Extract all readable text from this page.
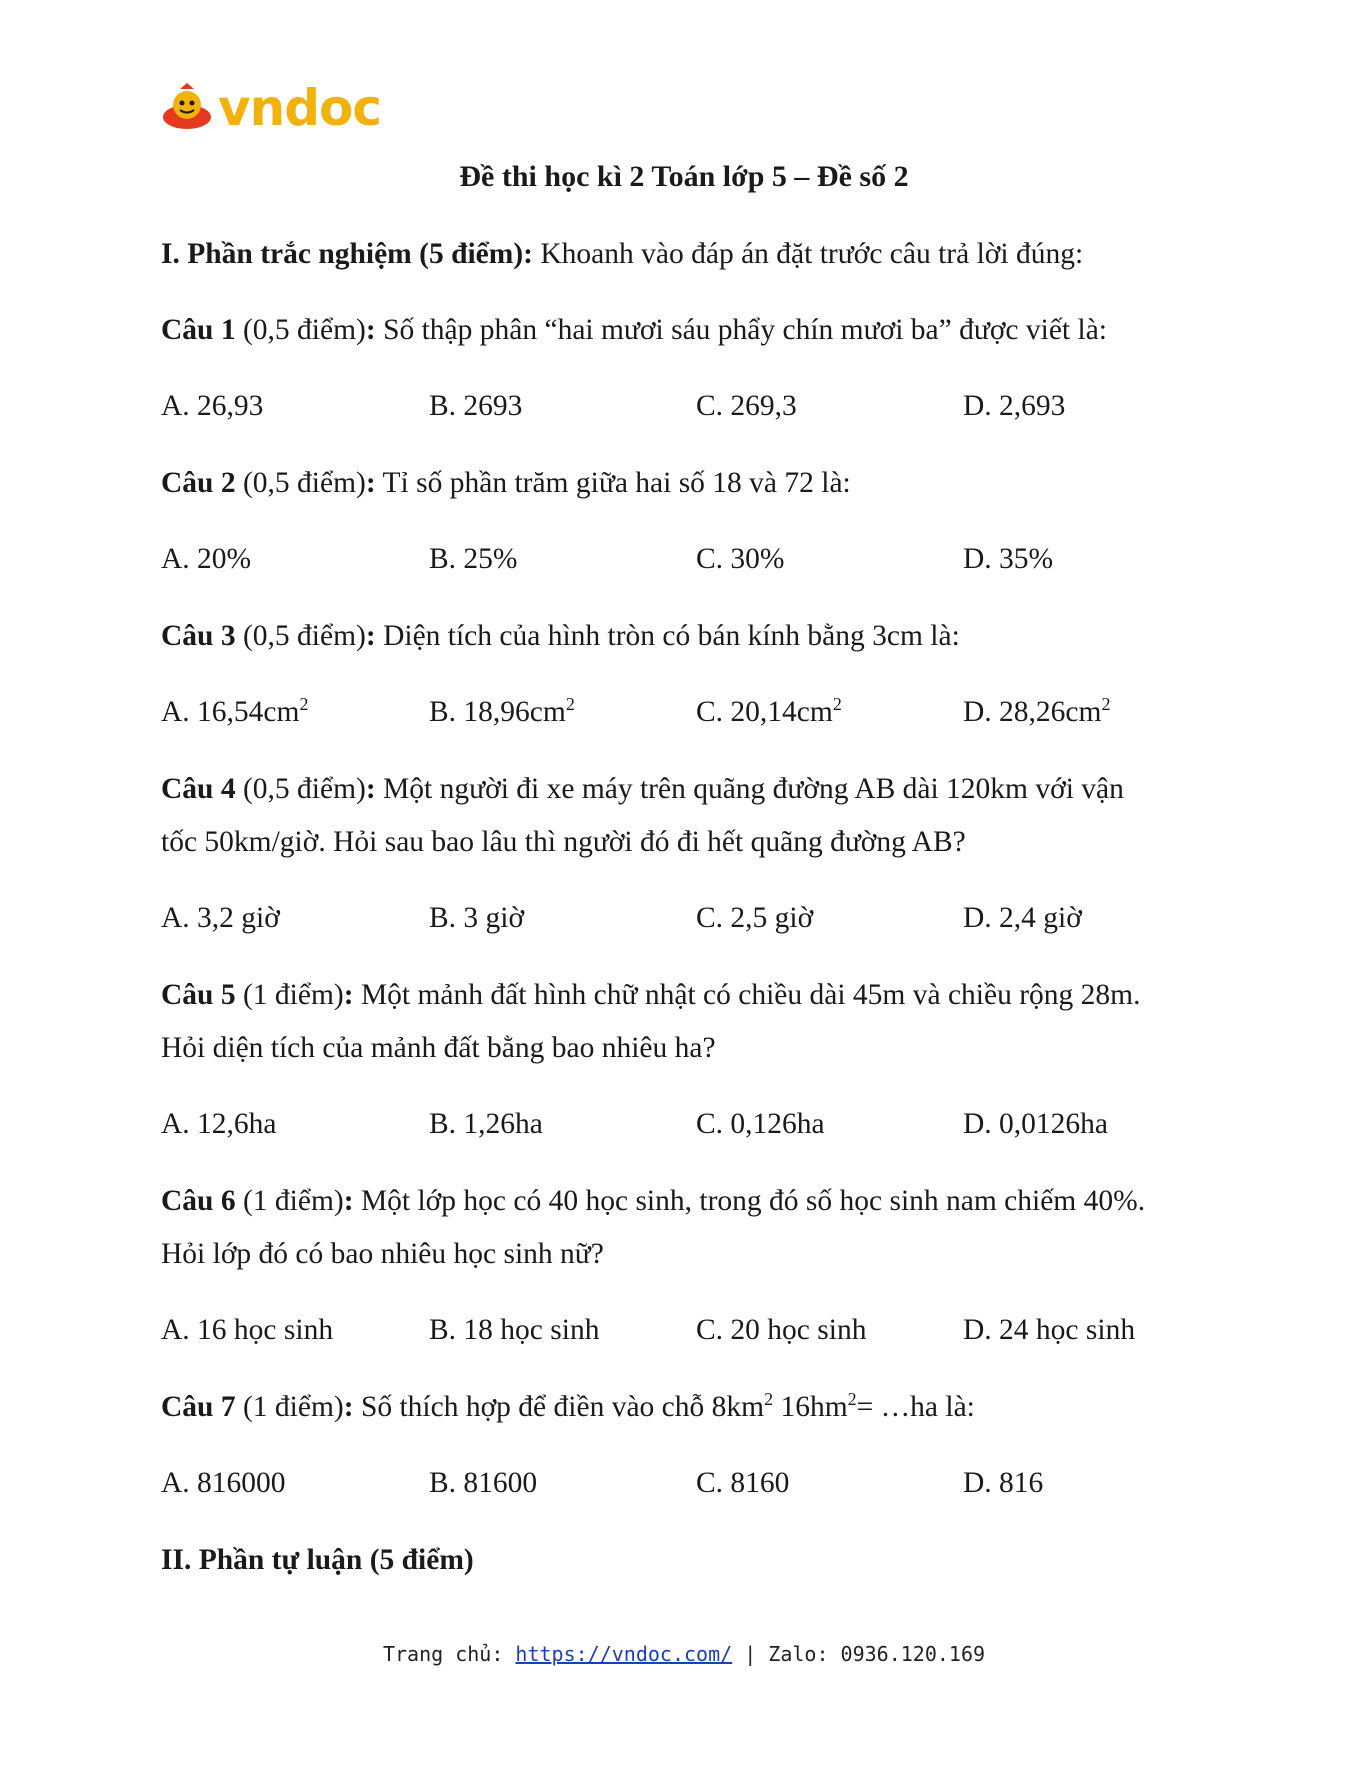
vndoc
Đề thi học kì 2 Toán lớp 5 – Đề số 2
I. Phần trắc nghiệm (5 điểm): Khoanh vào đáp án đặt trước câu trả lời đúng:
Câu 1 (0,5 điểm): Số thập phân “hai mươi sáu phẩy chín mươi ba” được viết là:
A. 26,93	B. 2693	C. 269,3	D. 2,693
Câu 2 (0,5 điểm): Tỉ số phần trăm giữa hai số 18 và 72 là:
A. 20%	B. 25%	C. 30%	D. 35%
Câu 3 (0,5 điểm): Diện tích của hình tròn có bán kính bằng 3cm là:
A. $16,54cm^2$	B. $18,96cm^2$	C. $20,14cm^2$	D. $28,26cm^2$
Câu 4 (0,5 điểm): Một người đi xe máy trên quãng đường AB dài 120km với vận
tốc 50km/giờ. Hỏi sau bao lâu thì người đó đi hết quãng đường AB?
A. 3,2 giờ	B. 3 giờ	C. 2,5 giờ	D. 2,4 giờ
Câu 5 (1 điểm): Một mảnh đất hình chữ nhật có chiều dài 45m và chiều rộng 28m.
Hỏi diện tích của mảnh đất bằng bao nhiêu ha?
A. 12,6ha	B. 1,26ha	C. 0,126ha	D. 0,0126ha
Câu 6 (1 điểm): Một lớp học có 40 học sinh, trong đó số học sinh nam chiếm 40%.
Hỏi lớp đó có bao nhiêu học sinh nữ?
A. 16 học sinh	B. 18 học sinh	C. 20 học sinh	D. 24 học sinh
Câu 7 (1 điểm): Số thích hợp để điền vào chỗ $8km^2$ $16hm^2=$ …ha là:
A. 816000	B. 81600	C. 8160	D. 816
II. Phần tự luận (5 điểm)
Trang chủ: https://vndoc.com/ | Zalo: 0936.120.169
